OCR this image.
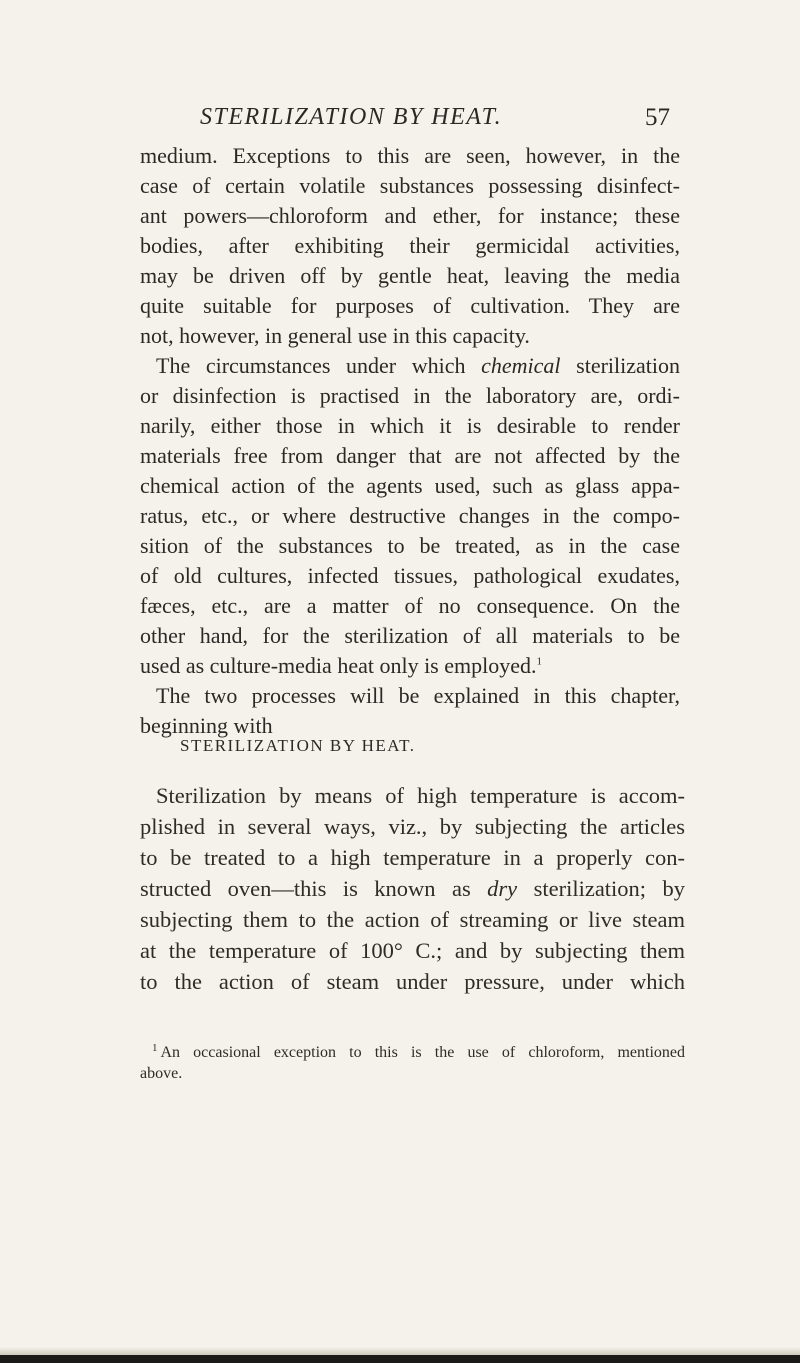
STERILIZATION BY HEAT.	57
medium. Exceptions to this are seen, however, in the
case of certain volatile substances possessing disinfect-
ant powers—chloroform and ether, for instance; these
bodies, after exhibiting their germicidal activities,
may be driven off by gentle heat, leaving the media
quite suitable for purposes of cultivation. They are
not, however, in general use in this capacity.
The circumstances under which chemical sterilization
or disinfection is practised in the laboratory are, ordi-
narily, either those in which it is desirable to render
materials free from danger that are not affected by the
chemical action of the agents used, such as glass appa-
ratus, etc., or where destructive changes in the compo-
sition of the substances to be treated, as in the case
of old cultures, infected tissues, pathological exudates,
fæces, etc., are a matter of no consequence. On the
other hand, for the sterilization of all materials to be
used as culture-media heat only is employed.$^1$
The two processes will be explained in this chapter,
beginning with
STERILIZATION BY HEAT.
Sterilization by means of high temperature is accom-
plished in several ways, viz., by subjecting the articles
to be treated to a high temperature in a properly con-
structed oven—this is known as dry sterilization; by
subjecting them to the action of streaming or live steam
at the temperature of 100° C.; and by subjecting them
to the action of steam under pressure, under which
$^1$ An occasional exception to this is the use of chloroform, mentioned
above.
